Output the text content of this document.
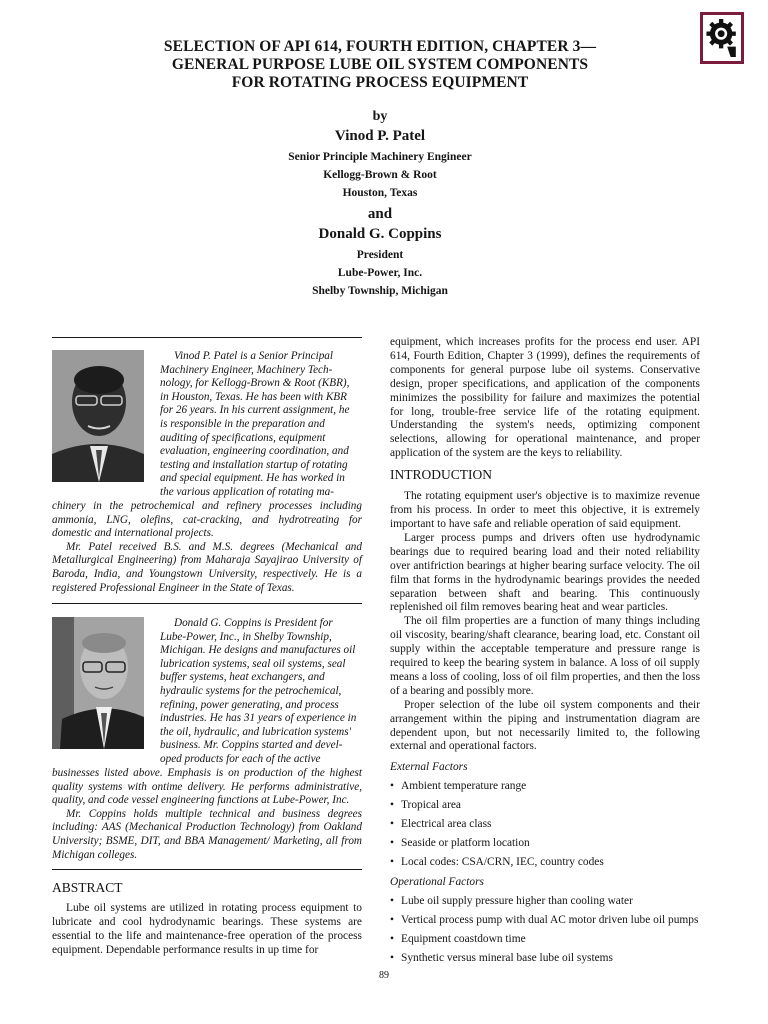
SELECTION OF API 614, FOURTH EDITION, CHAPTER 3—
GENERAL PURPOSE LUBE OIL SYSTEM COMPONENTS
FOR ROTATING PROCESS EQUIPMENT
by
Vinod P. Patel
Senior Principle Machinery Engineer
Kellogg-Brown & Root
Houston, Texas
and
Donald G. Coppins
President
Lube-Power, Inc.
Shelby Township, Michigan

Vinod P. Patel is a Senior Principal

Machinery Engineer, Machinery Tech-

nology, for Kellogg-Brown & Root (KBR),

in Houston, Texas. He has been with KBR

for 26 years. In his current assignment, he

is responsible in the preparation and

auditing of specifications, equipment

evaluation, engineering coordination, and

testing and installation startup of rotating

and special equipment. He has worked in

the various application of rotating ma-

chinery in the petrochemical and refinery processes including ammonia, LNG, olefins, cat-cracking, and hydrotreating for domestic and international projects.

Mr. Patel received B.S. and M.S. degrees (Mechanical and Metallurgical Engineering) from Maharaja Sayajirao University of Baroda, India, and Youngstown University, respectively. He is a registered Professional Engineer in the State of Texas.

Donald G. Coppins is President for

Lube-Power, Inc., in Shelby Township,

Michigan. He designs and manufactures oil

lubrication systems, seal oil systems, seal

buffer systems, heat exchangers, and

hydraulic systems for the petrochemical,

refining, power generating, and process

industries. He has 31 years of experience in

the oil, hydraulic, and lubrication systems'

business. Mr. Coppins started and devel-

oped products for each of the active

businesses listed above. Emphasis is on production of the highest quality systems with ontime delivery. He performs administrative, quality, and code vessel engineering functions at Lube-Power, Inc.

Mr. Coppins holds multiple technical and business degrees including: AAS (Mechanical Production Technology) from Oakland University; BSME, DIT, and BBA Management/ Marketing, all from Michigan colleges.

ABSTRACT

Lube oil systems are utilized in rotating process equipment to lubricate and cool hydrodynamic bearings. These systems are essential to the life and maintenance-free operation of the process equipment. Dependable performance results in up time for

equipment, which increases profits for the process end user. API 614, Fourth Edition, Chapter 3 (1999), defines the requirements of components for general purpose lube oil systems. Conservative design, proper specifications, and application of the components minimizes the possibility for failure and maximizes the potential for long, trouble-free service life of the rotating equipment. Understanding the system's needs, optimizing component selections, allowing for operational maintenance, and proper application of the system are the keys to reliability.

INTRODUCTION

The rotating equipment user's objective is to maximize revenue from his process. In order to meet this objective, it is extremely important to have safe and reliable operation of said equipment.

Larger process pumps and drivers often use hydrodynamic bearings due to required bearing load and their noted reliability over antifriction bearings at higher bearing surface velocity. The oil film that forms in the hydrodynamic bearings provides the needed separation between shaft and bearing. This continuously replenished oil film removes bearing heat and wear particles.

The oil film properties are a function of many things including oil viscosity, bearing/shaft clearance, bearing load, etc. Constant oil supply within the acceptable temperature and pressure range is required to keep the bearing system in balance. A loss of oil supply means a loss of cooling, loss of oil film properties, and then the loss of a bearing and possibly more.

Proper selection of the lube oil system components and their arrangement within the piping and instrumentation diagram are dependent upon, but not necessarily limited to, the following external and operational factors.

External Factors
• Ambient temperature range
• Tropical area
• Electrical area class
• Seaside or platform location
• Local codes: CSA/CRN, IEC, country codes
Operational Factors
• Lube oil supply pressure higher than cooling water
• Vertical process pump with dual AC motor driven lube oil pumps
• Equipment coastdown time
• Synthetic versus mineral base lube oil systems
89
